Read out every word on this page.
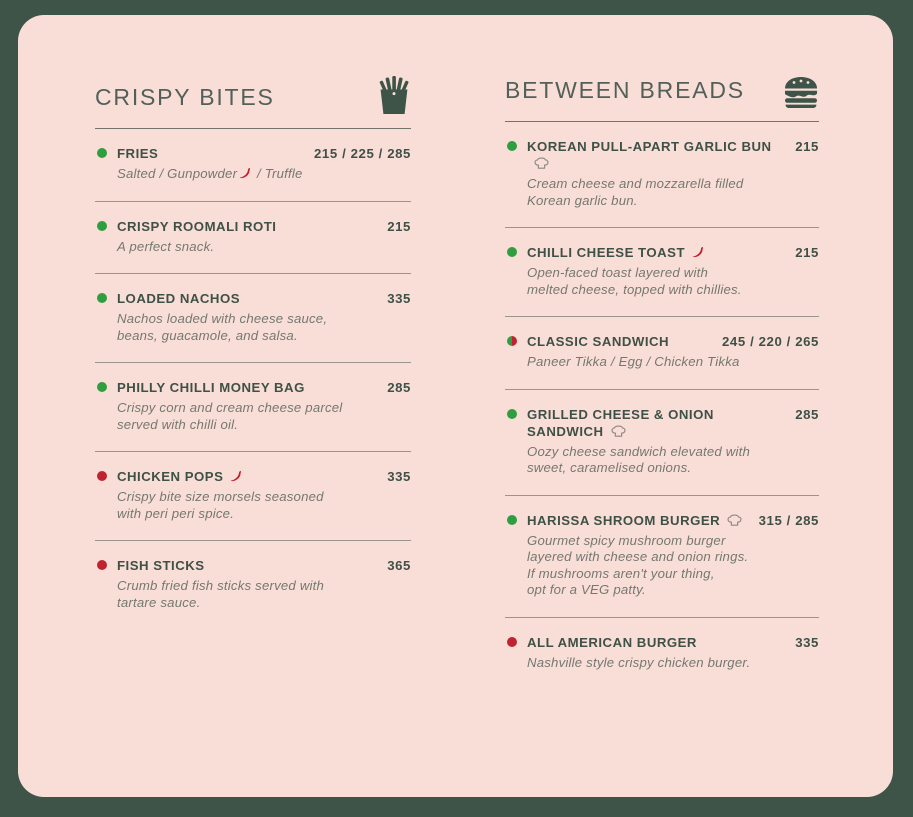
CRISPY BITES
FRIES	215 / 225 / 285
Salted / Gunpowder / Truffle
CRISPY ROOMALI ROTI	215
A perfect snack.
LOADED NACHOS	335
Nachos loaded with cheese sauce,
beans, guacamole, and salsa.
PHILLY CHILLI MONEY BAG	285
Crispy corn and cream cheese parcel
served with chilli oil.
CHICKEN POPS	335
Crispy bite size morsels seasoned
with peri peri spice.
FISH STICKS	365
Crumb fried fish sticks served with
tartare sauce.
BETWEEN BREADS
KOREAN PULL-APART GARLIC BUN	215
Cream cheese and mozzarella filled
Korean garlic bun.
CHILLI CHEESE TOAST	215
Open-faced toast layered with
melted cheese, topped with chillies.
CLASSIC SANDWICH	245 / 220 / 265
Paneer Tikka / Egg / Chicken Tikka
GRILLED CHEESE & ONION SANDWICH
285
Oozy cheese sandwich elevated with
sweet, caramelised onions.
HARISSA SHROOM BURGER	315 / 285
Gourmet spicy mushroom burger
layered with cheese and onion rings.
If mushrooms aren't your thing,
opt for a VEG patty.
ALL AMERICAN BURGER	335
Nashville style crispy chicken burger.
